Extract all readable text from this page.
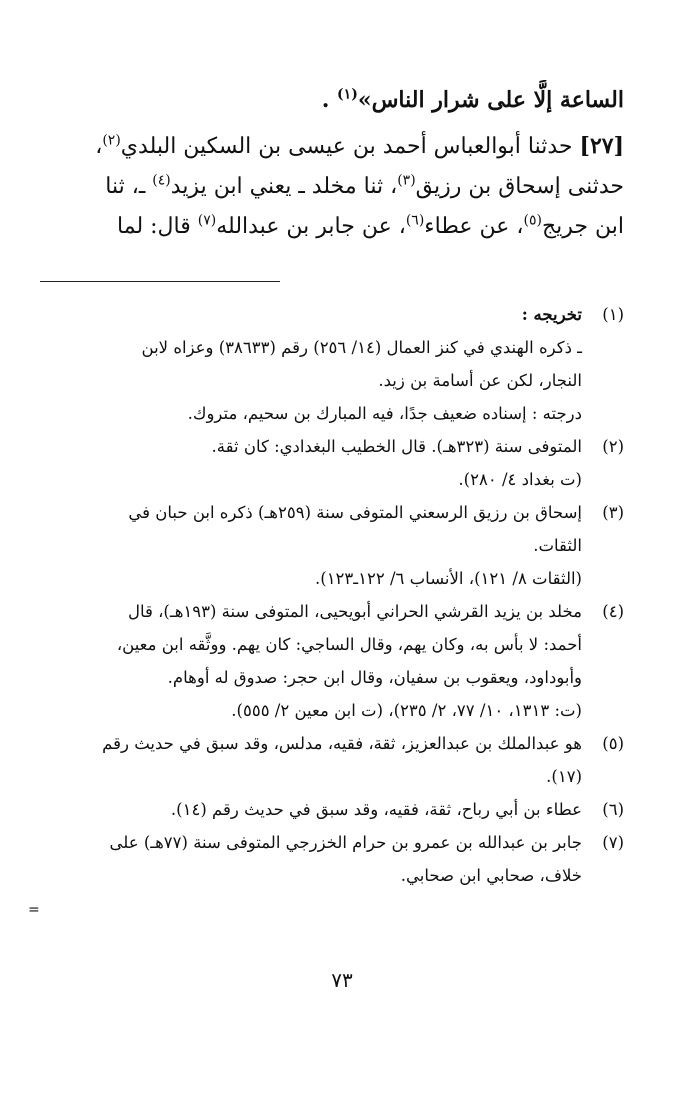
الساعة إلَّا على شرار الناس»$^{(١)}$ .
[٢٧] حدثنا أبوالعباس أحمد بن عيسى بن السكين البلدي$^{(٢)}$،
حدثنى إسحاق بن رزيق$^{(٣)}$، ثنا مخلد ـ يعني ابن يزيد$^{(٤)}$ ـ، ثنا
ابن جريج$^{(٥)}$، عن عطاء$^{(٦)}$، عن جابر بن عبدالله$^{(٧)}$ قال: لما
(١)
تخريجه :
ـ ذكره الهندي في كنز العمال (١٤/ ٢٥٦) رقم (٣٨٦٣٣) وعزاه لابن
النجار، لكن عن أسامة بن زيد.
درجته : إسناده ضعيف جدًا، فيه المبارك بن سحيم، متروك.
(٢)
المتوفى سنة (٣٢٣هـ). قال الخطيب البغدادي: كان ثقة.
(ت بغداد ٤/ ٢٨٠).
(٣)
إسحاق بن رزيق الرسعني المتوفى سنة (٢٥٩هـ) ذكره ابن حبان في
الثقات.
(الثقات ٨/ ١٢١)، الأنساب ٦/ ١٢٢ـ١٢٣).
(٤)
مخلد بن يزيد القرشي الحراني أبويحيى، المتوفى سنة (١٩٣هـ)، قال
أحمد: لا بأس به، وكان يهم، وقال الساجي: كان يهم. ووثَّقه ابن معين،
وأبوداود، ويعقوب بن سفيان، وقال ابن حجر: صدوق له أوهام.
(ت: ١٣١٣، ١٠/ ٧٧، ٢/ ٢٣٥)، (ت ابن معين ٢/ ٥٥٥).
(٥)
هو عبدالملك بن عبدالعزيز، ثقة، فقيه، مدلس، وقد سبق في حديث رقم
(١٧).
(٦)
عطاء بن أبي رباح، ثقة، فقيه، وقد سبق في حديث رقم (١٤).
(٧)
جابر بن عبدالله بن عمرو بن حرام الخزرجي المتوفى سنة (٧٧هـ) على
خلاف، صحابي ابن صحابي.
=
٧٣
